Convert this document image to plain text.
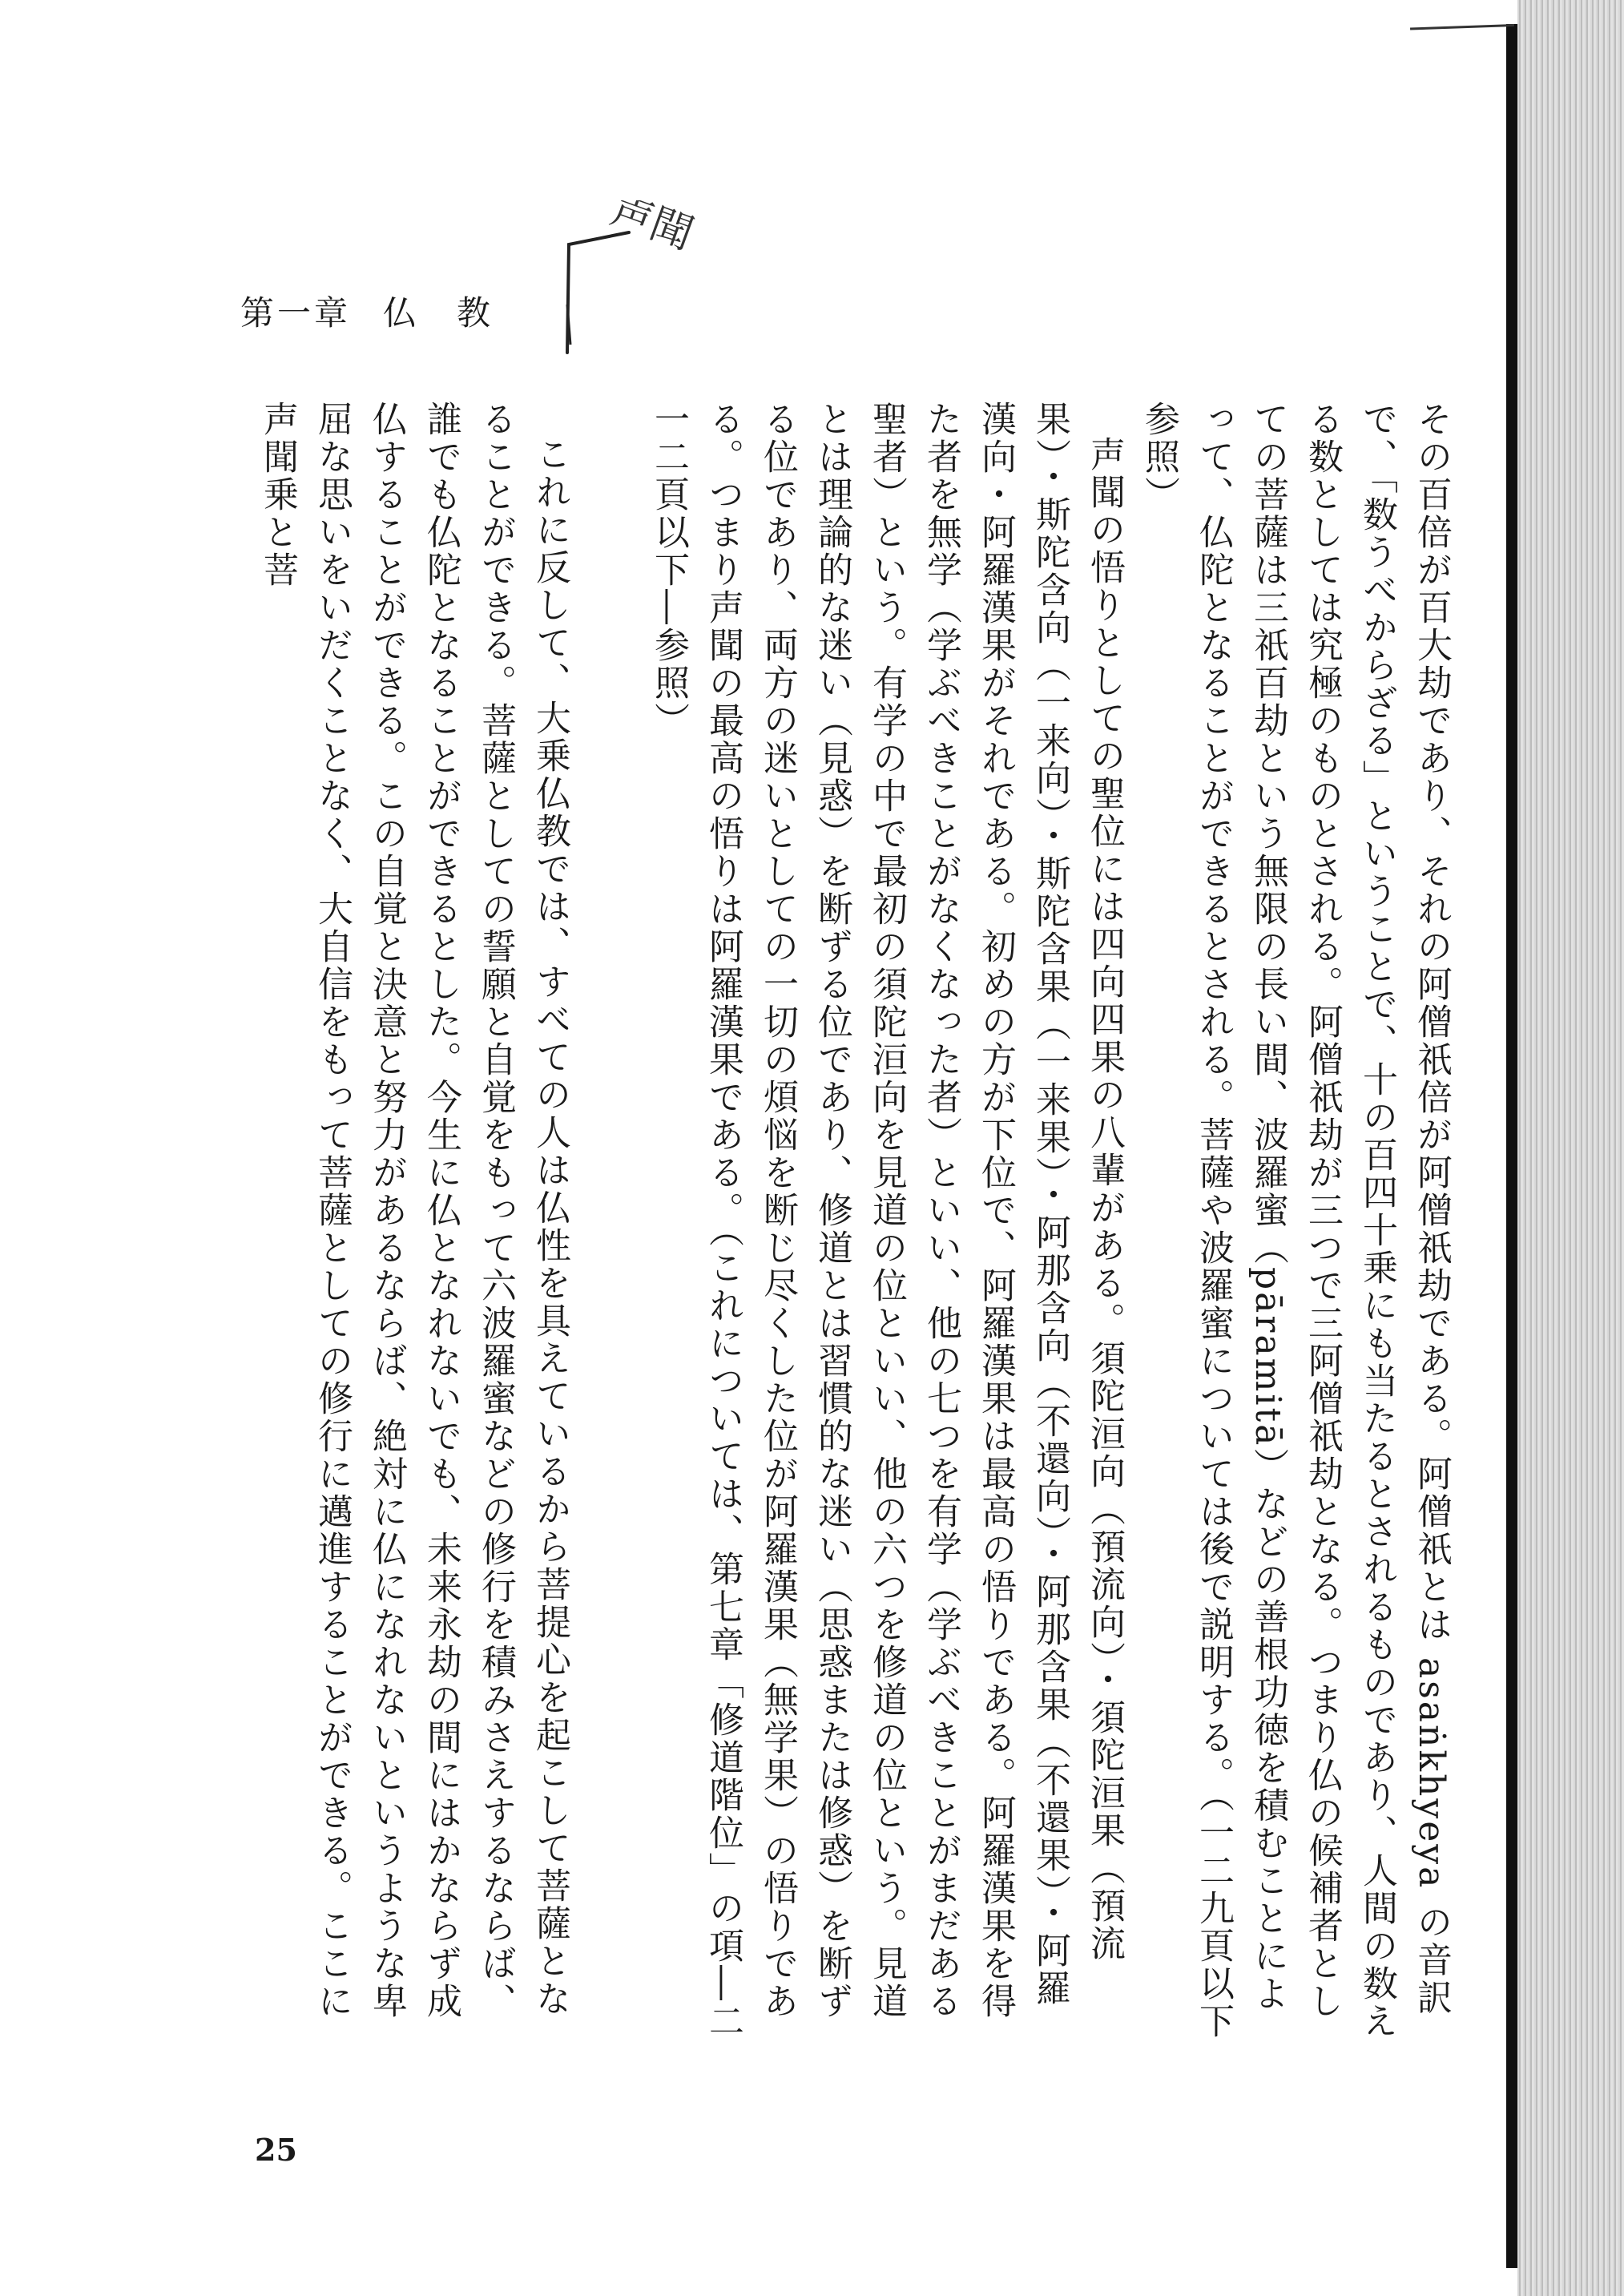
第一章 仏　教
声聞

その百倍が百大劫であり、それの阿僧祇倍が阿僧祇劫である。阿僧祇とは asaṅkhyeya の音訳で、「数うべからざる」ということで、十の百四十乗にも当たるとされるものであり、人間の数える数としては究極のものとされる。阿僧祇劫が三つで三阿僧祇劫となる。つまり仏の候補者としての菩薩は三祇百劫という無限の長い間、波羅蜜（pāramitā）などの善根功徳を積むことによって、仏陀となることができるとされる。菩薩や波羅蜜については後で説明する。（一二九頁以下参照）

声聞の悟りとしての聖位には四向四果の八輩がある。須陀洹向（預流向）・須陀洹果（預流果）・斯陀含向（一来向）・斯陀含果（一来果）・阿那含向（不還向）・阿那含果（不還果）・阿羅漢向・阿羅漢果がそれである。初めの方が下位で、阿羅漢果は最高の悟りである。阿羅漢果を得た者を無学（学ぶべきことがなくなった者）といい、他の七つを有学（学ぶべきことがまだある聖者）という。有学の中で最初の須陀洹向を見道の位といい、他の六つを修道の位という。見道とは理論的な迷い（見惑）を断ずる位であり、修道とは習慣的な迷い（思惑または修惑）を断ずる位であり、両方の迷いとしての一切の煩悩を断じ尽くした位が阿羅漢果（無学果）の悟りである。つまり声聞の最高の悟りは阿羅漢果である。（これについては、第七章「修道階位」の項―二一二頁以下―参照）

これに反して、大乗仏教では、すべての人は仏性を具えているから菩提心を起こして菩薩となることができる。菩薩としての誓願と自覚をもって六波羅蜜などの修行を積みさえするならば、誰でも仏陀となることができるとした。今生に仏となれないでも、未来永劫の間にはかならず成仏することができる。この自覚と決意と努力があるならば、絶対に仏になれないというような卑屈な思いをいだくことなく、大自信をもって菩薩としての修行に邁進することができる。ここに声聞乗と菩

25
